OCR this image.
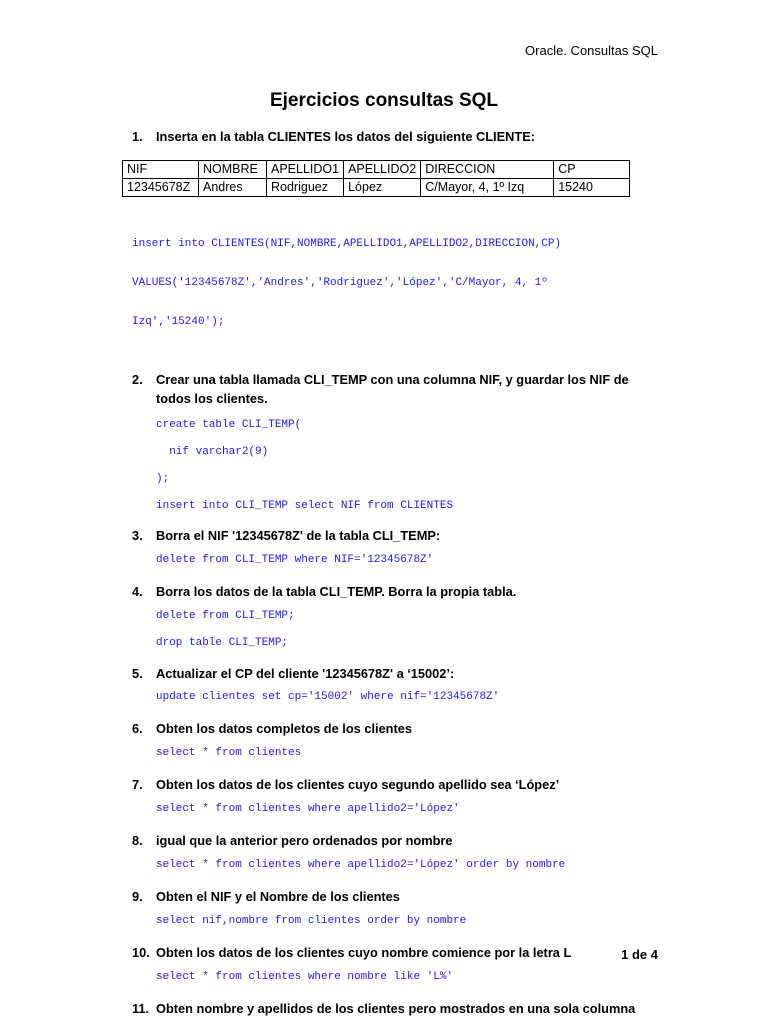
Oracle. Consultas SQL
Ejercicios consultas SQL
1.	Inserta en la tabla CLIENTES los datos del siguiente CLIENTE:
NIF	NOMBRE	APELLIDO1	APELLIDO2	DIRECCION	CP
12345678Z	Andres	Rodriguez	López	C/Mayor, 4, 1º Izq	15240

insert into CLIENTES(NIF,NOMBRE,APELLIDO1,APELLIDO2,DIRECCION,CP)

VALUES('12345678Z','Andres','Rodriguez','López','C/Mayor, 4, 1º

Izq','15240');

2.	Crear una tabla llamada CLI_TEMP con una columna NIF, y guardar los NIF de todos los clientes.
create table CLI_TEMP(
nif varchar2(9)
);
insert into CLI_TEMP select NIF from CLIENTES
3.	Borra el NIF '12345678Z' de la tabla CLI_TEMP:
delete from CLI_TEMP where NIF='12345678Z'
4.	Borra los datos de la tabla CLI_TEMP. Borra la propia tabla.
delete from CLI_TEMP;
drop table CLI_TEMP;
5.	Actualizar el CP del cliente '12345678Z' a ‘15002’:
update clientes set cp='15002' where nif='12345678Z'
6.	Obten los datos completos de los clientes
select * from clientes
7.	Obten los datos de los clientes cuyo segundo apellido sea ‘López’
select * from clientes where apellido2='López'
8.	igual que la anterior pero ordenados por nombre
select * from clientes where apellido2='López' order by nombre
9.	Obten el NIF y el Nombre de los clientes
select nif,nombre from clientes order by nombre
10. Obten los datos de los clientes cuyo nombre comience por la letra L
select * from clientes where nombre like 'L%'
11. Obten nombre y apellidos de los clientes pero mostrados en una sola columna
1 de 4
